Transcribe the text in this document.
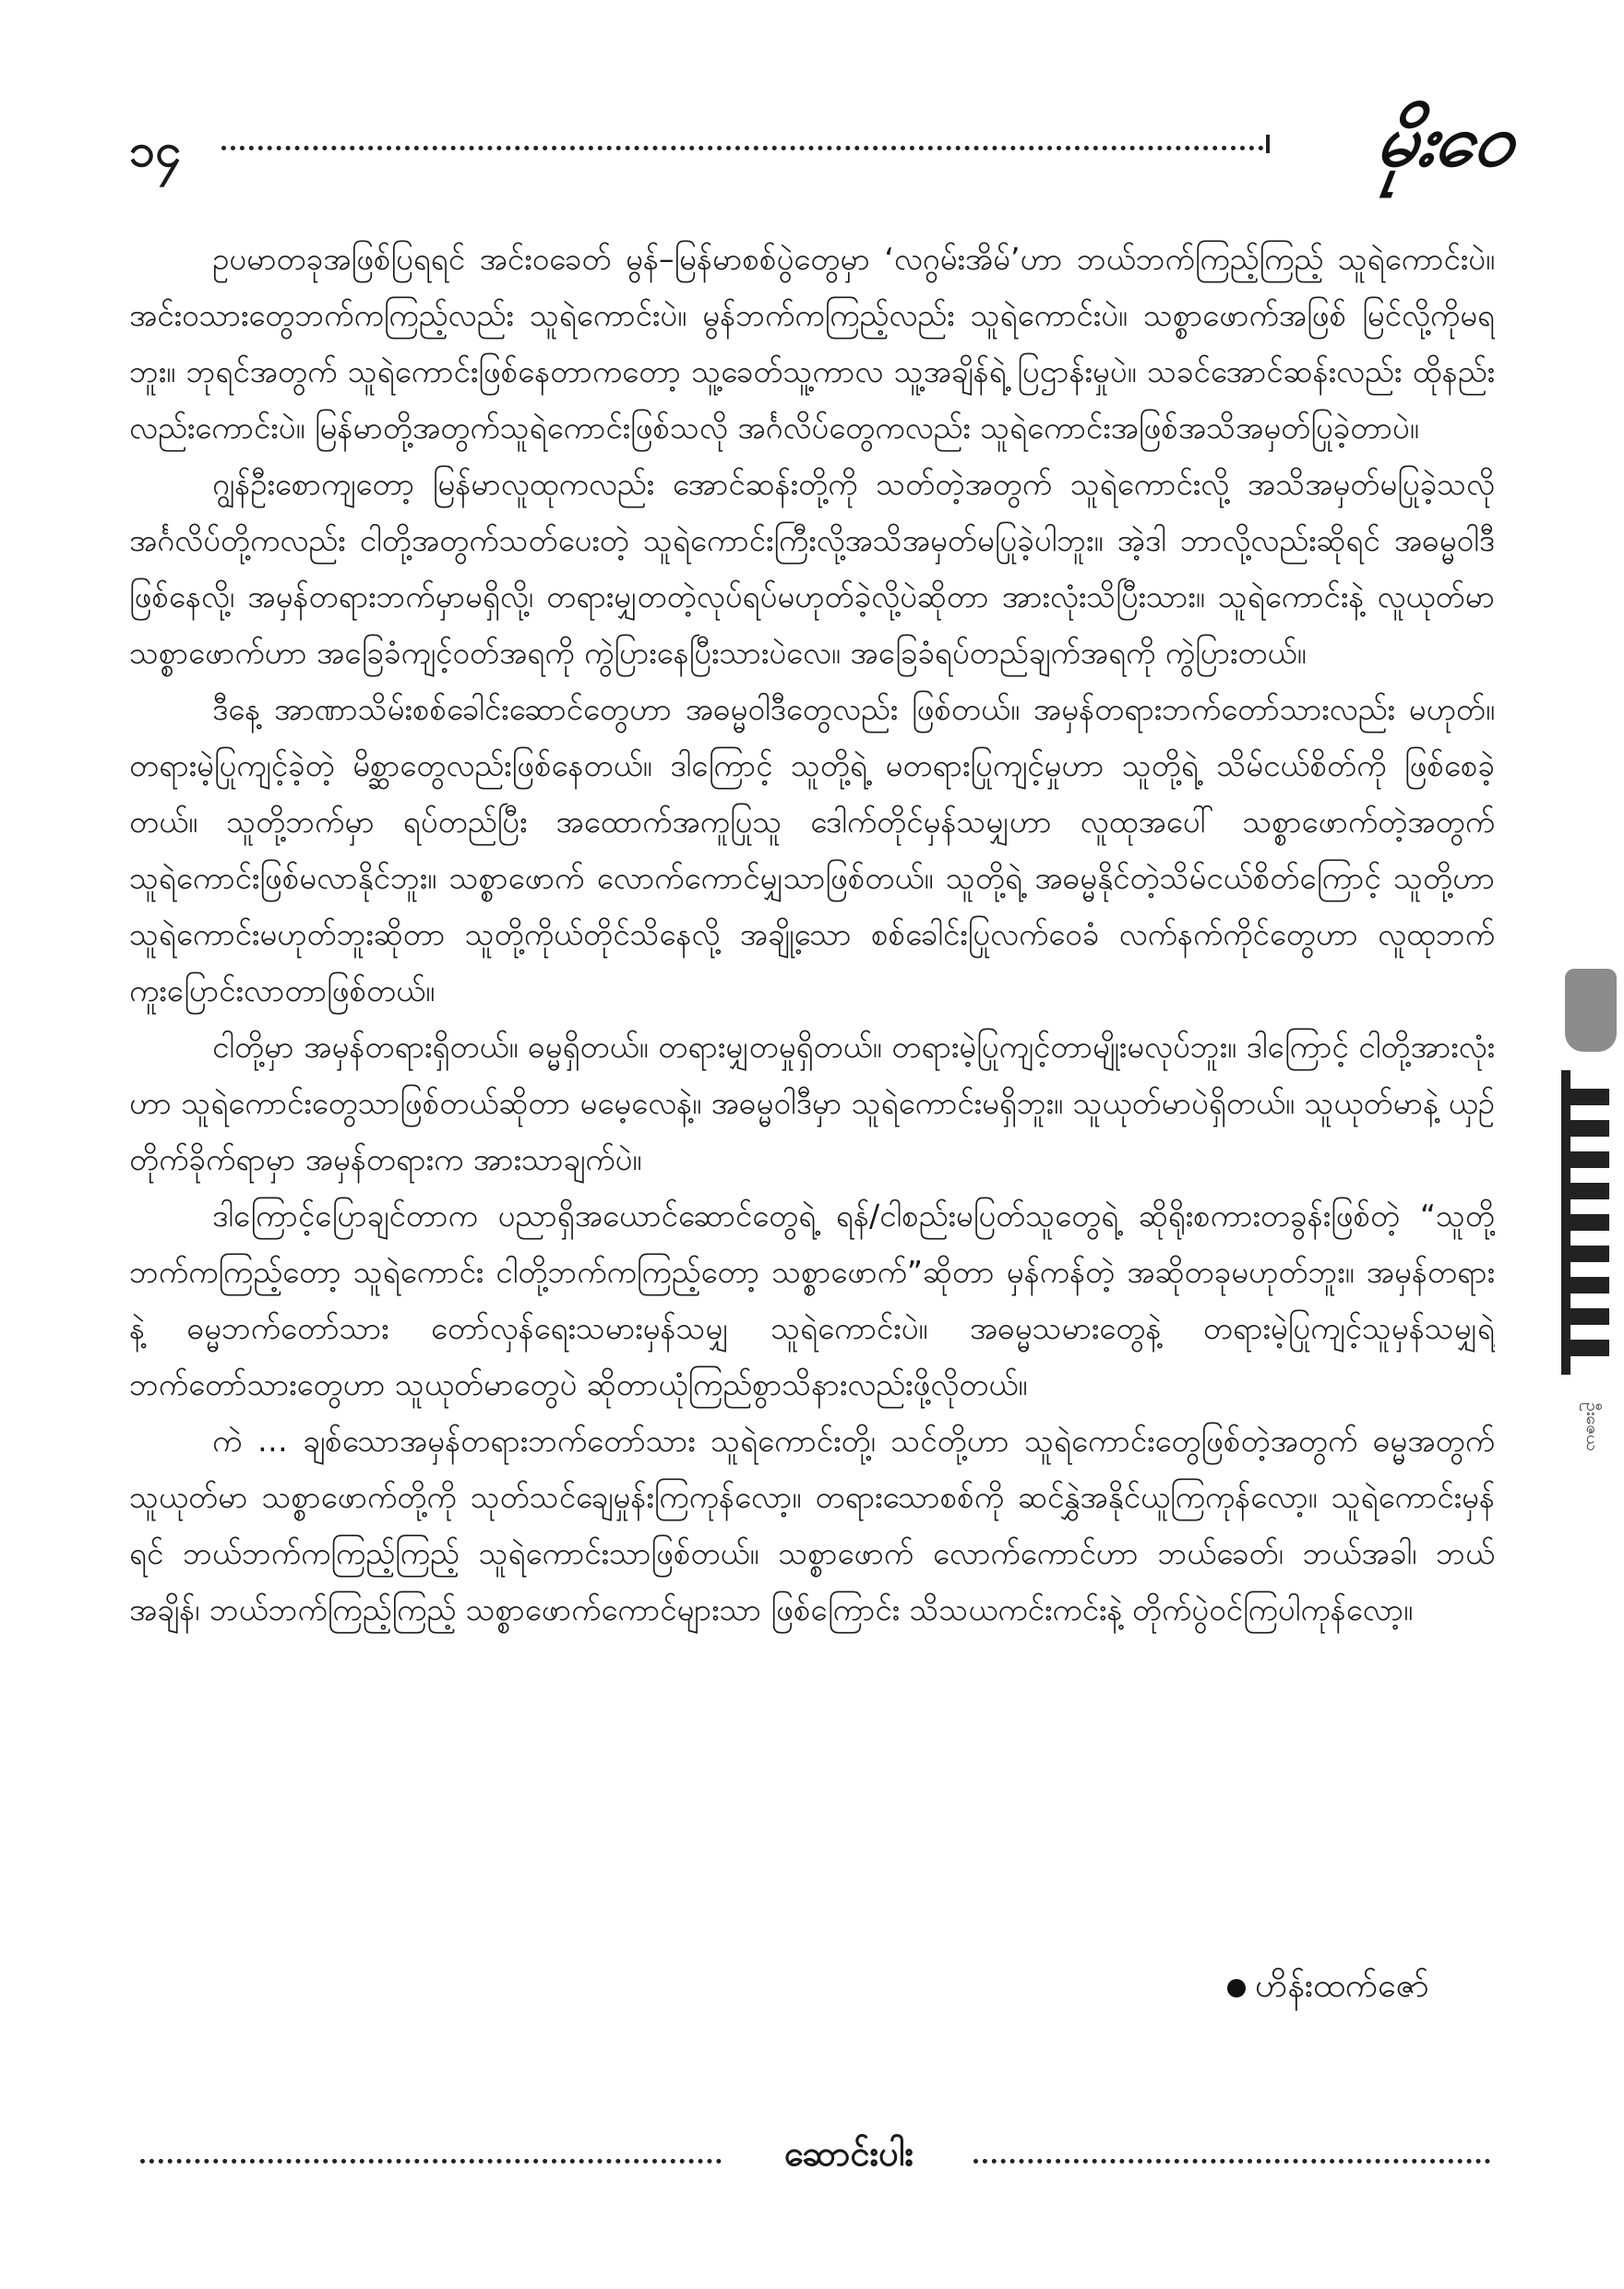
၁၄	မိုးဝေ

ဥပမာတခုအဖြစ်ပြရရင် အင်းဝခေတ် မွန်–မြန်မာစစ်ပွဲတွေမှာ ‘လဂွမ်းအိမ်’ဟာ ဘယ်ဘက်ကြည့်ကြည့် သူရဲကောင်းပဲ။ အင်းဝသားတွေဘက်ကကြည့်လည်း သူရဲကောင်းပဲ။ မွန်ဘက်ကကြည့်လည်း သူရဲကောင်းပဲ။ သစ္စာဖောက်အဖြစ် မြင်လို့ကိုမရဘူး။ ဘုရင်အတွက် သူရဲကောင်းဖြစ်နေတာကတော့ သူ့ခေတ်သူ့ကာလ သူ့အချိန်ရဲ့ ပြဌာန်းမှုပဲ။ သခင်အောင်ဆန်းလည်း ထိုနည်းလည်းကောင်းပဲ။ မြန်မာတို့အတွက်သူရဲကောင်းဖြစ်သလို အင်္ဂလိပ်တွေကလည်း သူရဲကောင်းအဖြစ်အသိအမှတ်ပြုခဲ့တာပဲ။

ဂျွန်ဦးစောကျတော့ မြန်မာလူထုကလည်း အောင်ဆန်းတို့ကို သတ်တဲ့အတွက် သူရဲကောင်းလို့ အသိအမှတ်မပြုခဲ့သလို အင်္ဂလိပ်တို့ကလည်း ငါတို့အတွက်သတ်ပေးတဲ့ သူရဲကောင်းကြီးလို့အသိအမှတ်မပြုခဲ့ပါဘူး။ အဲ့ဒါ ဘာလို့လည်းဆိုရင် အဓမ္မဝါဒီဖြစ်နေလို့၊ အမှန်တရားဘက်မှာမရှိလို့၊ တရားမျှတတဲ့လုပ်ရပ်မဟုတ်ခဲ့လို့ပဲဆိုတာ အားလုံးသိပြီးသား။ သူရဲကောင်းနဲ့ လူယုတ်မာသစ္စာဖောက်ဟာ အခြေခံကျင့်ဝတ်အရကို ကွဲပြားနေပြီးသားပဲလေ။ အခြေခံရပ်တည်ချက်အရကို ကွဲပြားတယ်။

ဒီနေ့ အာဏာသိမ်းစစ်ခေါင်းဆောင်တွေဟာ အဓမ္မဝါဒီတွေလည်း ဖြစ်တယ်။ အမှန်တရားဘက်တော်သားလည်း မဟုတ်။ တရားမဲ့ပြုကျင့်ခဲ့တဲ့ မိစ္ဆာတွေလည်းဖြစ်နေတယ်။ ဒါကြောင့် သူတို့ရဲ့ မတရားပြုကျင့်မှုဟာ သူတို့ရဲ့ သိမ်ငယ်စိတ်ကို ဖြစ်စေခဲ့တယ်။ သူတို့ဘက်မှာ ရပ်တည်ပြီး အထောက်အကူပြုသူ ဒေါက်တိုင်မှန်သမျှဟာ လူထုအပေါ် သစ္စာဖောက်တဲ့အတွက် သူရဲကောင်းဖြစ်မလာနိုင်ဘူး။ သစ္စာဖောက် လောက်ကောင်မျှသာဖြစ်တယ်။ သူတို့ရဲ့ အဓမ္မနိုင်တဲ့သိမ်ငယ်စိတ်ကြောင့် သူတို့ဟာ သူရဲကောင်းမဟုတ်ဘူးဆိုတာ သူတို့ကိုယ်တိုင်သိနေလို့ အချို့သော စစ်ခေါင်းပြုလက်ဝေခံ လက်နက်ကိုင်တွေဟာ လူထုဘက် ကူးပြောင်းလာတာဖြစ်တယ်။

ငါတို့မှာ အမှန်တရားရှိတယ်။ ဓမ္မရှိတယ်။ တရားမျှတမှုရှိတယ်။ တရားမဲ့ပြုကျင့်တာမျိုးမလုပ်ဘူး။ ဒါကြောင့် ငါတို့အားလုံးဟာ သူရဲကောင်းတွေသာဖြစ်တယ်ဆိုတာ မမေ့လေနဲ့။ အဓမ္မဝါဒီမှာ သူရဲကောင်းမရှိဘူး။ သူယုတ်မာပဲရှိတယ်။ သူယုတ်မာနဲ့ ယှဉ်တိုက်ခိုက်ရာမှာ အမှန်တရားက အားသာချက်ပဲ။

ဒါကြောင့်ပြောချင်တာက ပညာရှိအယောင်ဆောင်တွေရဲ့ ရန်/ငါစည်းမပြတ်သူတွေရဲ့ ဆိုရိုးစကားတခွန်းဖြစ်တဲ့ “သူတို့ဘက်ကကြည့်တော့ သူရဲကောင်း ငါတို့ဘက်ကကြည့်တော့ သစ္စာဖောက်”ဆိုတာ မှန်ကန်တဲ့ အဆိုတခုမဟုတ်ဘူး။ အမှန်တရားနဲ့ ဓမ္မဘက်တော်သား တော်လှန်ရေးသမားမှန်သမျှ သူရဲကောင်းပဲ။ အဓမ္မသမားတွေနဲ့ တရားမဲ့ပြုကျင့်သူမှန်သမျှရဲ့ ဘက်တော်သားတွေဟာ သူယုတ်မာတွေပဲ ဆိုတာယုံကြည်စွာသိနားလည်းဖို့လိုတယ်။

ကဲ … ချစ်သောအမှန်တရားဘက်တော်သား သူရဲကောင်းတို့၊ သင်တို့ဟာ သူရဲကောင်းတွေဖြစ်တဲ့အတွက် ဓမ္မအတွက် သူယုတ်မာ သစ္စာဖောက်တို့ကို သုတ်သင်ချေမှုန်းကြကုန်လော့။ တရားသောစစ်ကို ဆင်နွှဲအနိုင်ယူကြကုန်လော့။ သူရဲကောင်းမှန်ရင် ဘယ်ဘက်ကကြည့်ကြည့် သူရဲကောင်းသာဖြစ်တယ်။ သစ္စာဖောက် လောက်ကောင်ဟာ ဘယ်ခေတ်၊ ဘယ်အခါ၊ ဘယ်အချိန်၊ ဘယ်ဘက်ကြည့်ကြည့် သစ္စာဖောက်ကောင်များသာ ဖြစ်ကြောင်း သိသယကင်းကင်းနဲ့ တိုက်ပွဲဝင်ကြပါကုန်လော့။

ဟိန်းထက်ဇော်
ဦးဇေယ
ဆောင်းပါး
